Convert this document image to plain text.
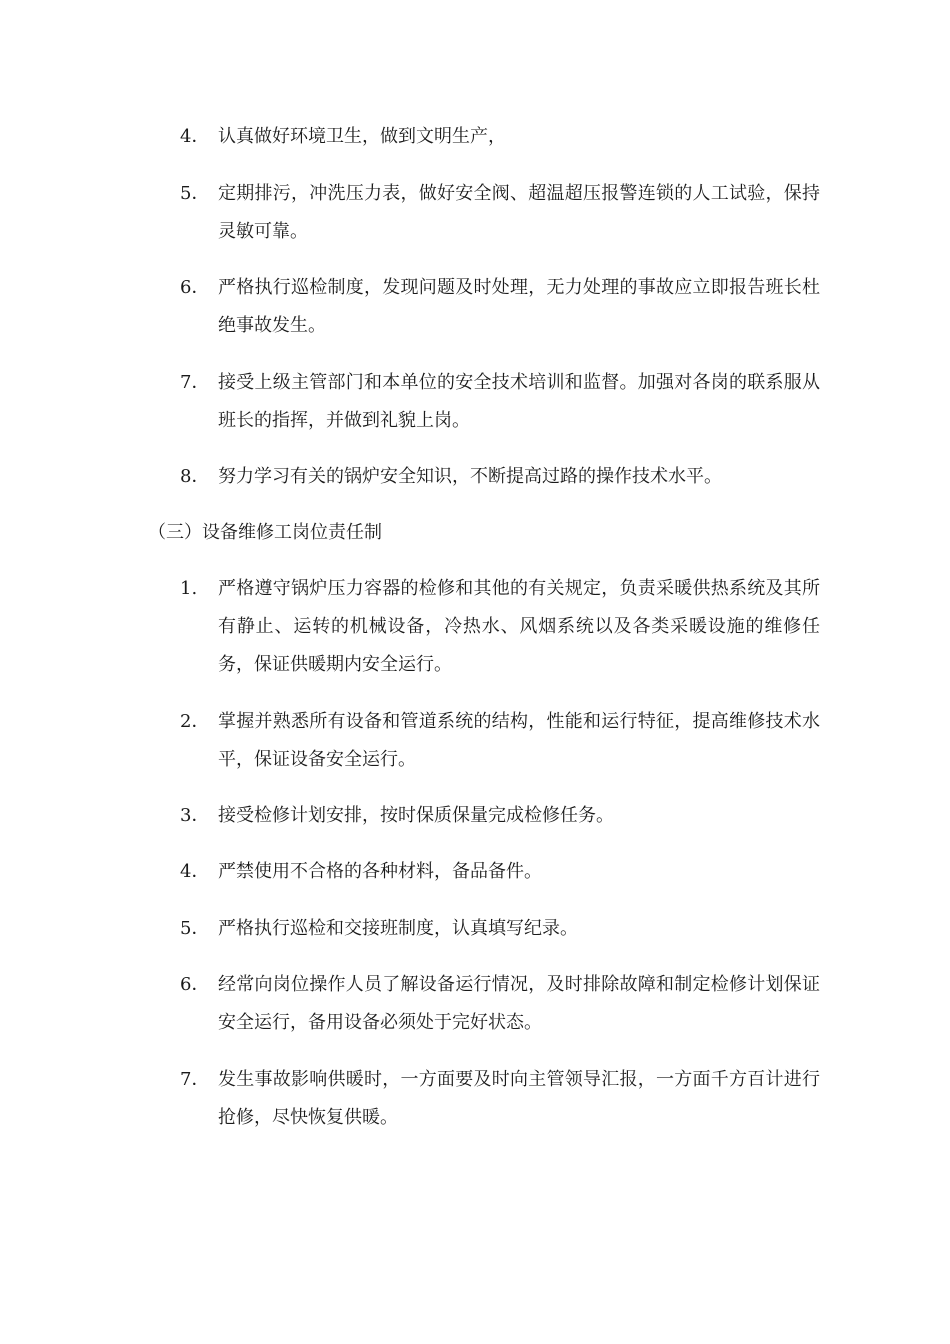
4． 认真做好环境卫生，做到文明生产，
5． 定期排污，冲洗压力表，做好安全阀、超温超压报警连锁的人工试验，保持灵敏可靠。
6． 严格执行巡检制度，发现问题及时处理，无力处理的事故应立即报告班长杜绝事故发生。
7． 接受上级主管部门和本单位的安全技术培训和监督。加强对各岗的联系服从班长的指挥，并做到礼貌上岗。
8． 努力学习有关的锅炉安全知识，不断提高过路的操作技术水平。
（三）设备维修工岗位责任制
1.	严格遵守锅炉压力容器的检修和其他的有关规定，负责采暖供热系统及其所有静止、运转的机械设备，冷热水、风烟系统以及各类采暖设施的维修任务，保证供暖期内安全运行。
2． 掌握并熟悉所有设备和管道系统的结构，性能和运行特征，提高维修技术水平，保证设备安全运行。
3． 接受检修计划安排，按时保质保量完成检修任务。
4． 严禁使用不合格的各种材料，备品备件。
5． 严格执行巡检和交接班制度，认真填写纪录。
6． 经常向岗位操作人员了解设备运行情况，及时排除故障和制定检修计划保证安全运行，备用设备必须处于完好状态。
7． 发生事故影响供暖时，一方面要及时向主管领导汇报，一方面千方百计进行抢修，尽快恢复供暖。
